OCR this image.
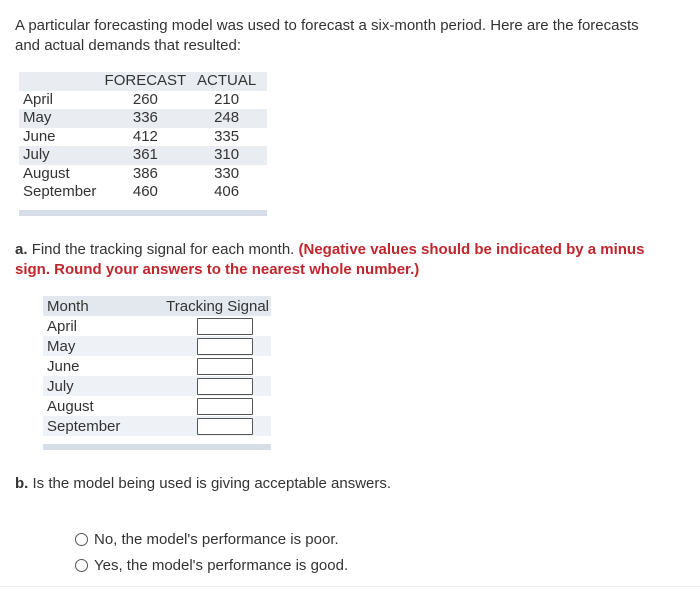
A particular forecasting model was used to forecast a six-month period. Here are the forecasts and actual demands that resulted:
	FORECAST	ACTUAL
April	260	210
May	336	248
June	412	335
July	361	310
August	386	330
September	460	406

a. Find the tracking signal for each month. (Negative values should be indicated by a minus sign. Round your answers to the nearest whole number.)
Month	Tracking Signal
April	

May	

June	

July	

August	

September	

b. Is the model being used is giving acceptable answers.
No, the model's performance is poor.
Yes, the model's performance is good.
